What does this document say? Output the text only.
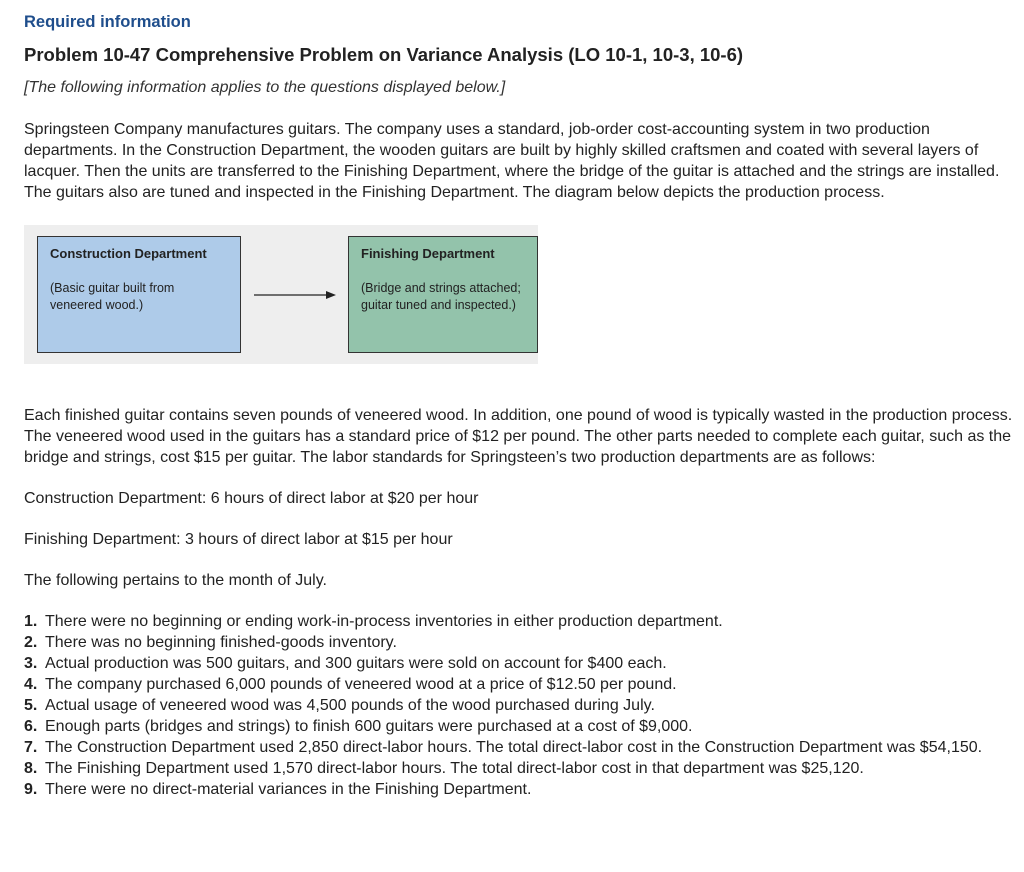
Required information
Problem 10-47 Comprehensive Problem on Variance Analysis (LO 10-1, 10-3, 10-6)
[The following information applies to the questions displayed below.]

Springsteen Company manufactures guitars. The company uses a standard, job-order cost-accounting system in two production departments. In the Construction Department, the wooden guitars are built by highly skilled craftsmen and coated with several layers of lacquer. Then the units are transferred to the Finishing Department, where the bridge of the guitar is attached and the strings are installed. The guitars also are tuned and inspected in the Finishing Department. The diagram below depicts the production process.

Construction Department
(Basic guitar built from veneered wood.)
Finishing Department
(Bridge and strings attached; guitar tuned and inspected.)

Each finished guitar contains seven pounds of veneered wood. In addition, one pound of wood is typically wasted in the production process. The veneered wood used in the guitars has a standard price of $12 per pound. The other parts needed to complete each guitar, such as the bridge and strings, cost $15 per guitar. The labor standards for Springsteen’s two production departments are as follows:

Construction Department: 6 hours of direct labor at $20 per hour

Finishing Department: 3 hours of direct labor at $15 per hour

The following pertains to the month of July.

1. There were no beginning or ending work-in-process inventories in either production department.
2. There was no beginning finished-goods inventory.
3. Actual production was 500 guitars, and 300 guitars were sold on account for $400 each.
4. The company purchased 6,000 pounds of veneered wood at a price of $12.50 per pound.
5. Actual usage of veneered wood was 4,500 pounds of the wood purchased during July.
6. Enough parts (bridges and strings) to finish 600 guitars were purchased at a cost of $9,000.
7. The Construction Department used 2,850 direct-labor hours. The total direct-labor cost in the Construction Department was $54,150.
8. The Finishing Department used 1,570 direct-labor hours. The total direct-labor cost in that department was $25,120.
9. There were no direct-material variances in the Finishing Department.
